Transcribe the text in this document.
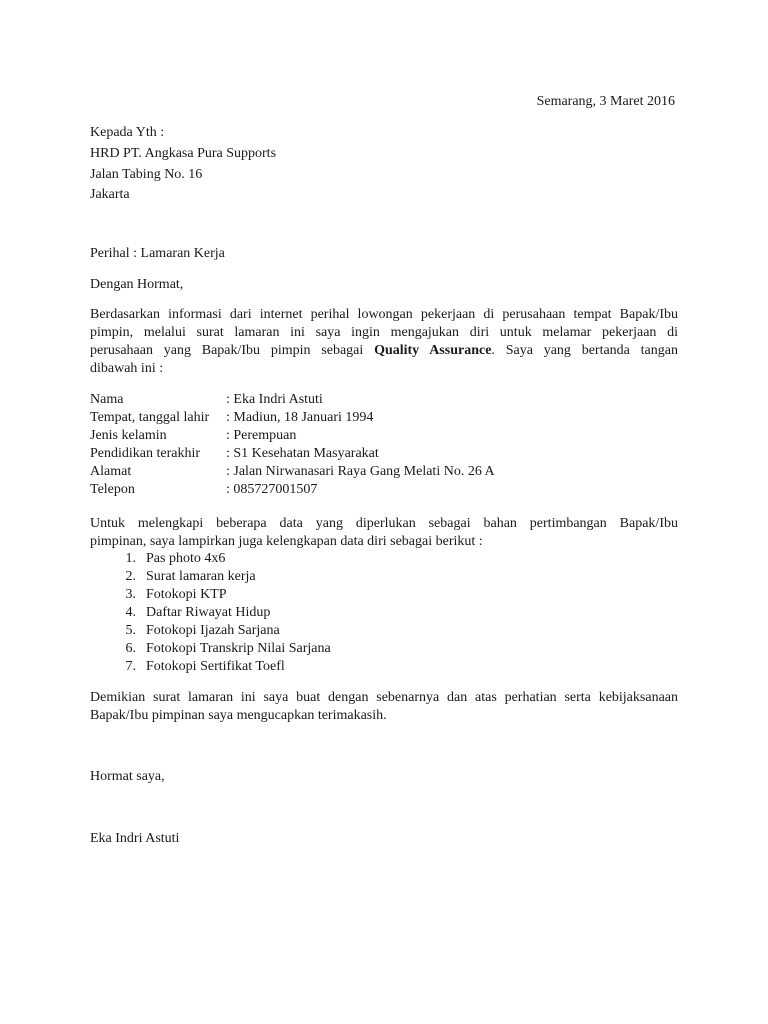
Semarang, 3 Maret 2016
Kepada Yth :
HRD PT. Angkasa Pura Supports
Jalan Tabing No. 16
Jakarta
Perihal : Lamaran Kerja
Dengan Hormat,
Berdasarkan informasi dari internet perihal lowongan pekerjaan di perusahaan tempat Bapak/Ibu
pimpin, melalui surat lamaran ini saya ingin mengajukan diri untuk melamar pekerjaan di
perusahaan yang Bapak/Ibu pimpin sebagai Quality Assurance. Saya yang bertanda tangan
dibawah ini :
Nama	: Eka Indri Astuti
Tempat, tanggal lahir	: Madiun, 18 Januari 1994
Jenis kelamin	: Perempuan
Pendidikan terakhir	: S1 Kesehatan Masyarakat
Alamat	: Jalan Nirwanasari Raya Gang Melati No. 26 A
Telepon	: 085727001507
Untuk melengkapi beberapa data yang diperlukan sebagai bahan pertimbangan Bapak/Ibu
pimpinan, saya lampirkan juga kelengkapan data diri sebagai berikut :
1. Pas photo 4x6
2. Surat lamaran kerja
3. Fotokopi KTP
4. Daftar Riwayat Hidup
5. Fotokopi Ijazah Sarjana
6. Fotokopi Transkrip Nilai Sarjana
7. Fotokopi Sertifikat Toefl
Demikian surat lamaran ini saya buat dengan sebenarnya dan atas perhatian serta kebijaksanaan
Bapak/Ibu pimpinan saya mengucapkan terimakasih.
Hormat saya,
Eka Indri Astuti
